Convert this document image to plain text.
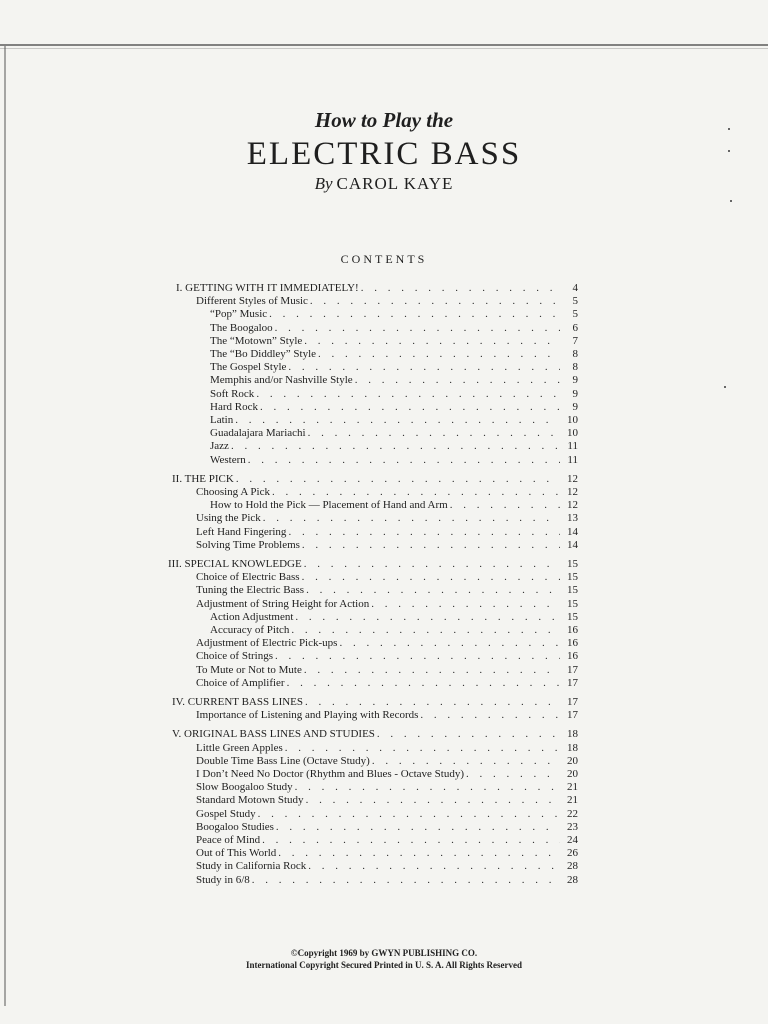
How to Play the
ELECTRIC BASS
By CAROL KAYE
CONTENTS
I. GETTING WITH IT IMMEDIATELY! . . .	4
Different Styles of Music . . .	5
“Pop” Music . . .	5
The Boogaloo . . .	6
The “Motown” Style . . .	7
The “Bo Diddley” Style . . .	8
The Gospel Style . . .	8
Memphis and/or Nashville Style . . .	9
Soft Rock . . .	9
Hard Rock . . .	9
Latin . . .	10
Guadalajara Mariachi . . .	10
Jazz . . .	11
Western . . .	11
II. THE PICK . . .	12
Choosing A Pick . . .	12
How to Hold the Pick — Placement of Hand and Arm . . .	12
Using the Pick . . .	13
Left Hand Fingering . . .	14
Solving Time Problems . . .	14
III. SPECIAL KNOWLEDGE . . .	15
Choice of Electric Bass . . .	15
Tuning the Electric Bass . . .	15
Adjustment of String Height for Action . . .	15
Action Adjustment . . .	15
Accuracy of Pitch . . .	16
Adjustment of Electric Pick-ups . . .	16
Choice of Strings . . .	16
To Mute or Not to Mute . . .	17
Choice of Amplifier . . .	17
IV. CURRENT BASS LINES . . .	17
Importance of Listening and Playing with Records . . .	17
V. ORIGINAL BASS LINES AND STUDIES . . .	18
Little Green Apples . . .	18
Double Time Bass Line (Octave Study) . . .	20
I Don’t Need No Doctor (Rhythm and Blues - Octave Study) . . .	20
Slow Boogaloo Study . . .	21
Standard Motown Study . . .	21
Gospel Study . . .	22
Boogaloo Studies . . .	23
Peace of Mind . . .	24
Out of This World . . .	26
Study in California Rock . . .	28
Study in 6/8 . . .	28
©Copyright 1969 by GWYN PUBLISHING CO.
International Copyright Secured Printed in U. S. A. All Rights Reserved
